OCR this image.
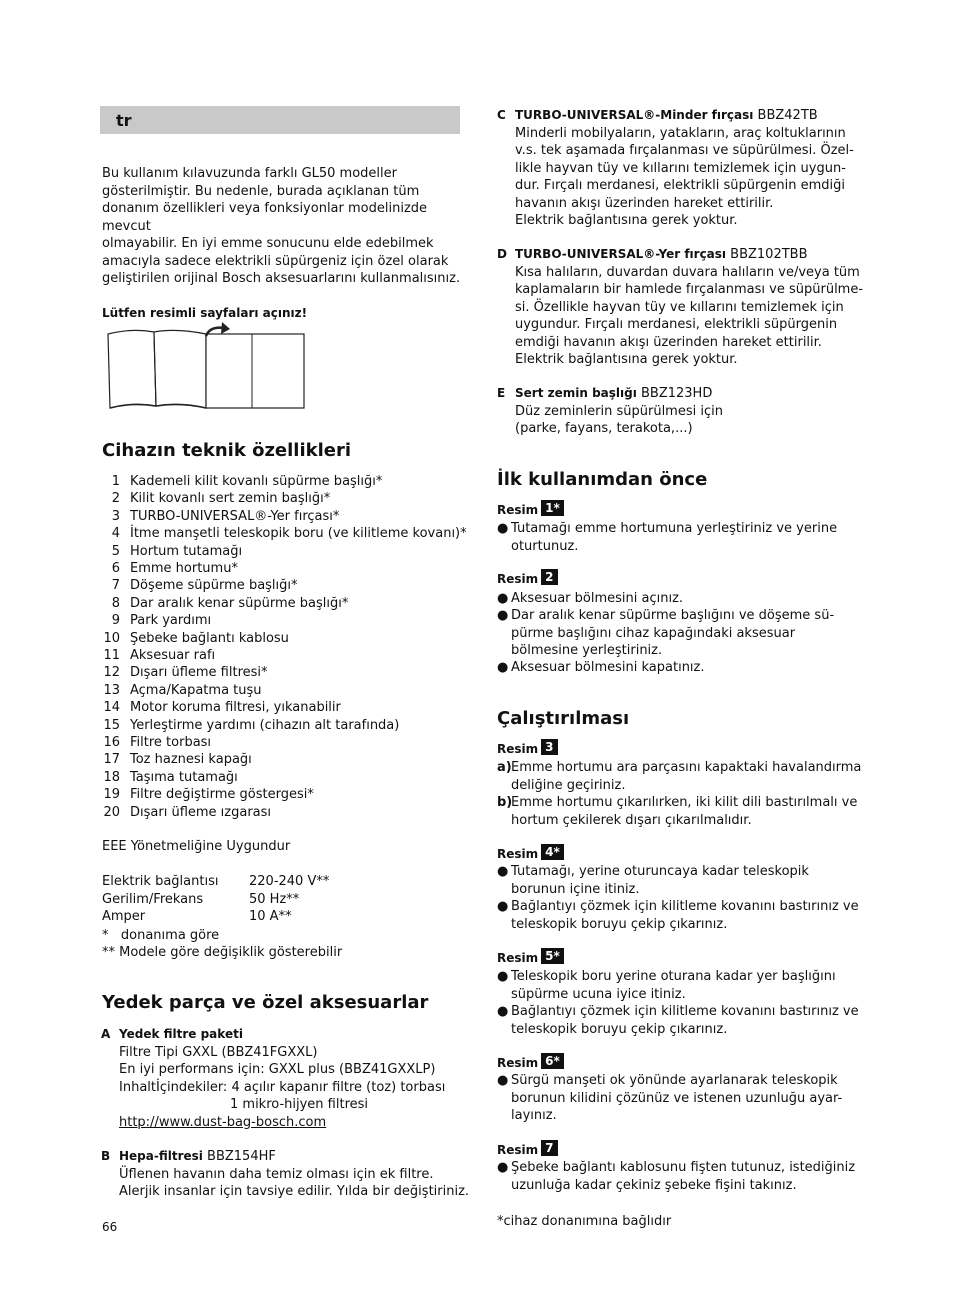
tr
Bu kullanım kılavuzunda farklı GL50 modeller
gösterilmiştir. Bu nedenle, burada açıklanan tüm
donanım özellikleri veya fonksiyonlar modelinizde mevcut
olmayabilir. En iyi emme sonucunu elde edebilmek
amacıyla sadece elektrikli süpürgeniz için özel olarak
geliştirilen orijinal Bosch aksesuarlarını kullanmalısınız.
Lütfen resimli sayfaları açınız!
Cihazın teknik özellikleri
1 Kademeli kilit kovanlı süpürme başlığı*
2 Kilit kovanlı sert zemin başlığı*
3 TURBO-UNIVERSAL®-Yer fırçası*
4 İtme manşetli teleskopik boru (ve kilitleme kovanı)*
5 Hortum tutamağı
6 Emme hortumu*
7 Döşeme süpürme başlığı*
8 Dar aralık kenar süpürme başlığı*
9 Park yardımı
10 Şebeke bağlantı kablosu
11 Aksesuar rafı
12 Dışarı üfleme filtresi*
13 Açma/Kapatma tuşu
14 Motor koruma filtresi, yıkanabilir
15 Yerleştirme yardımı (cihazın alt tarafında)
16 Filtre torbası
17 Toz haznesi kapağı
18 Taşıma tutamağı
19 Filtre değiştirme göstergesi*
20 Dışarı üfleme ızgarası
EEE Yönetmeliğine Uygundur
Elektrik bağlantısı 220-240 V**
Gerilim/Frekans	50 Hz**
Amper	10 A**
*   donanıma göre
** Modele göre değişiklik gösterebilir
Yedek parça ve özel aksesuarlar
A Yedek filtre paketi
Filtre Tipi GXXL (BBZ41FGXXL)
En iyi performans için: GXXL plus (BBZ41GXXLP)
Inhaltİçindekiler: 4 açılır kapanır filtre (toz) torbası
1 mikro-hijyen filtresi
http://www.dust-bag-bosch.com
B Hepa-filtresi BBZ154HF
Üflenen havanın daha temiz olması için ek filtre.
Alerjik insanlar için tavsiye edilir. Yılda bir değiştiriniz.
66
C TURBO-UNIVERSAL®-Minder fırçası BBZ42TB
Minderli mobilyaların, yatakların, araç koltuklarının
v.s. tek aşamada fırçalanması ve süpürülmesi. Özel-
likle hayvan tüy ve kıllarını temizlemek için uygun-
dur. Fırçalı merdanesi, elektrikli süpürgenin emdiği
havanın akışı üzerinden hareket ettirilir.
Elektrik bağlantısına gerek yoktur.
D TURBO-UNIVERSAL®-Yer fırçası BBZ102TBB
Kısa halıların, duvardan duvara halıların ve/veya tüm
kaplamaların bir hamlede fırçalanması ve süpürülme-
si. Özellikle hayvan tüy ve kıllarını temizlemek için
uygundur. Fırçalı merdanesi, elektrikli süpürgenin
emdiği havanın akışı üzerinden hareket ettirilir.
Elektrik bağlantısına gerek yoktur.
E Sert zemin başlığı BBZ123HD
Düz zeminlerin süpürülmesi için
(parke, fayans, terakota,...)
İlk kullanımdan önce
Resim 1*
● Tutamağı emme hortumuna yerleştiriniz ve yerine
oturtunuz.
Resim 2
● Aksesuar bölmesini açınız.
● Dar aralık kenar süpürme başlığını ve döşeme sü-
pürme başlığını cihaz kapağındaki aksesuar
bölmesine yerleştiriniz.
● Aksesuar bölmesini kapatınız.
Çalıştırılması
Resim 3
a) Emme hortumu ara parçasını kapaktaki havalandırma
deliğine geçiriniz.
b)
Emme hortumu çıkarılırken, iki kilit dili bastırılmalı ve
hortum çekilerek dışarı çıkarılmalıdır.
Resim 4*
● Tutamağı, yerine oturuncaya kadar teleskopik
borunun içine itiniz.
● Bağlantıyı çözmek için kilitleme kovanını bastırınız ve
teleskopik boruyu çekip çıkarınız.
Resim 5*
● Teleskopik boru yerine oturana kadar yer başlığını
süpürme ucuna iyice itiniz.
● Bağlantıyı çözmek için kilitleme kovanını bastırınız ve
teleskopik boruyu çekip çıkarınız.
Resim 6*
● Sürgü manşeti ok yönünde ayarlanarak teleskopik
borunun kilidini çözünüz ve istenen uzunluğu ayar-
layınız.
Resim 7
● Şebeke bağlantı kablosunu fişten tutunuz, istediğiniz
uzunluğa kadar çekiniz şebeke fişini takınız.
*cihaz donanımına bağlıdır
